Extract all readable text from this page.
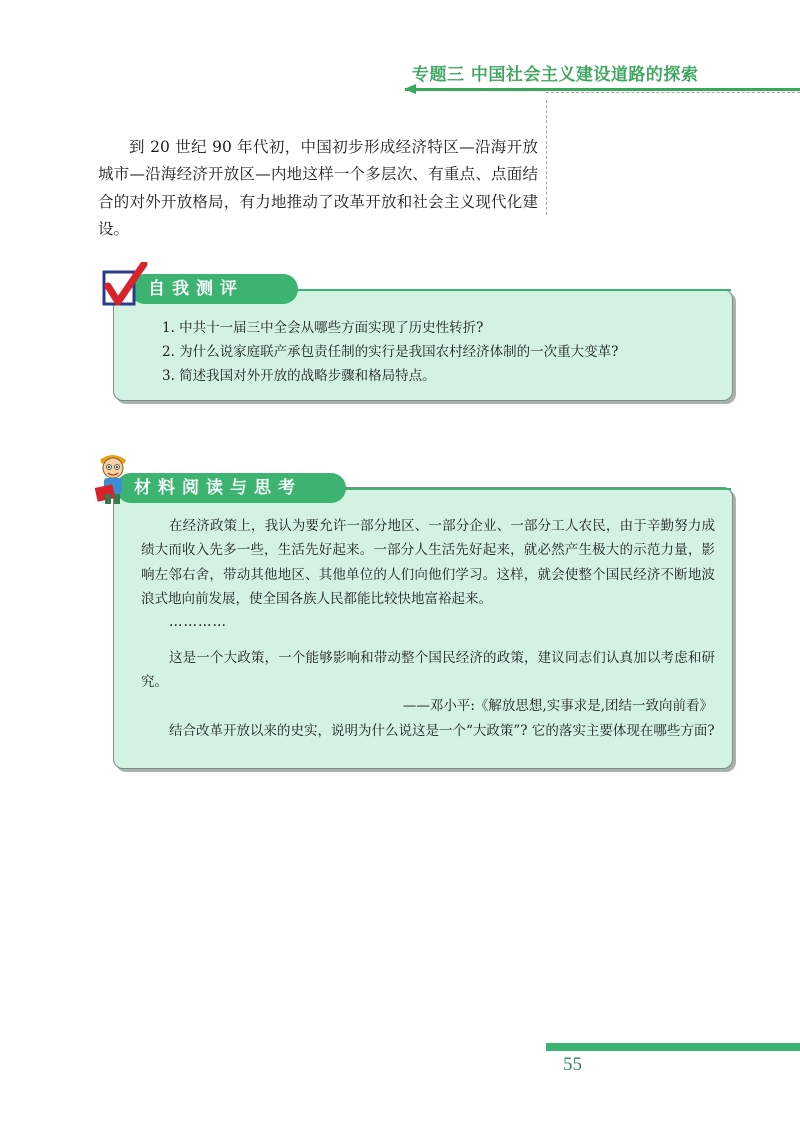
专题三 中国社会主义建设道路的探索

到 20 世纪 90 年代初，中国初步形成经济特区—沿海开放城市—沿海经济开放区—内地这样一个多层次、有重点、点面结合的对外开放格局，有力地推动了改革开放和社会主义现代化建设。

自我测评
1. 中共十一届三中全会从哪些方面实现了历史性转折?
2. 为什么说家庭联产承包责任制的实行是我国农村经济体制的一次重大变革?
3. 简述我国对外开放的战略步骤和格局特点。
材料阅读与思考

在经济政策上，我认为要允许一部分地区、一部分企业、一部分工人农民，由于辛勤努力成绩大而收入先多一些，生活先好起来。一部分人生活先好起来，就必然产生极大的示范力量，影响左邻右舍，带动其他地区、其他单位的人们向他们学习。这样，就会使整个国民经济不断地波浪式地向前发展，使全国各族人民都能比较快地富裕起来。

…………

这是一个大政策，一个能够影响和带动整个国民经济的政策，建议同志们认真加以考虑和研究。

——邓小平:《解放思想,实事求是,团结一致向前看》

结合改革开放以来的史实，说明为什么说这是一个“大政策”? 它的落实主要体现在哪些方面?

55
